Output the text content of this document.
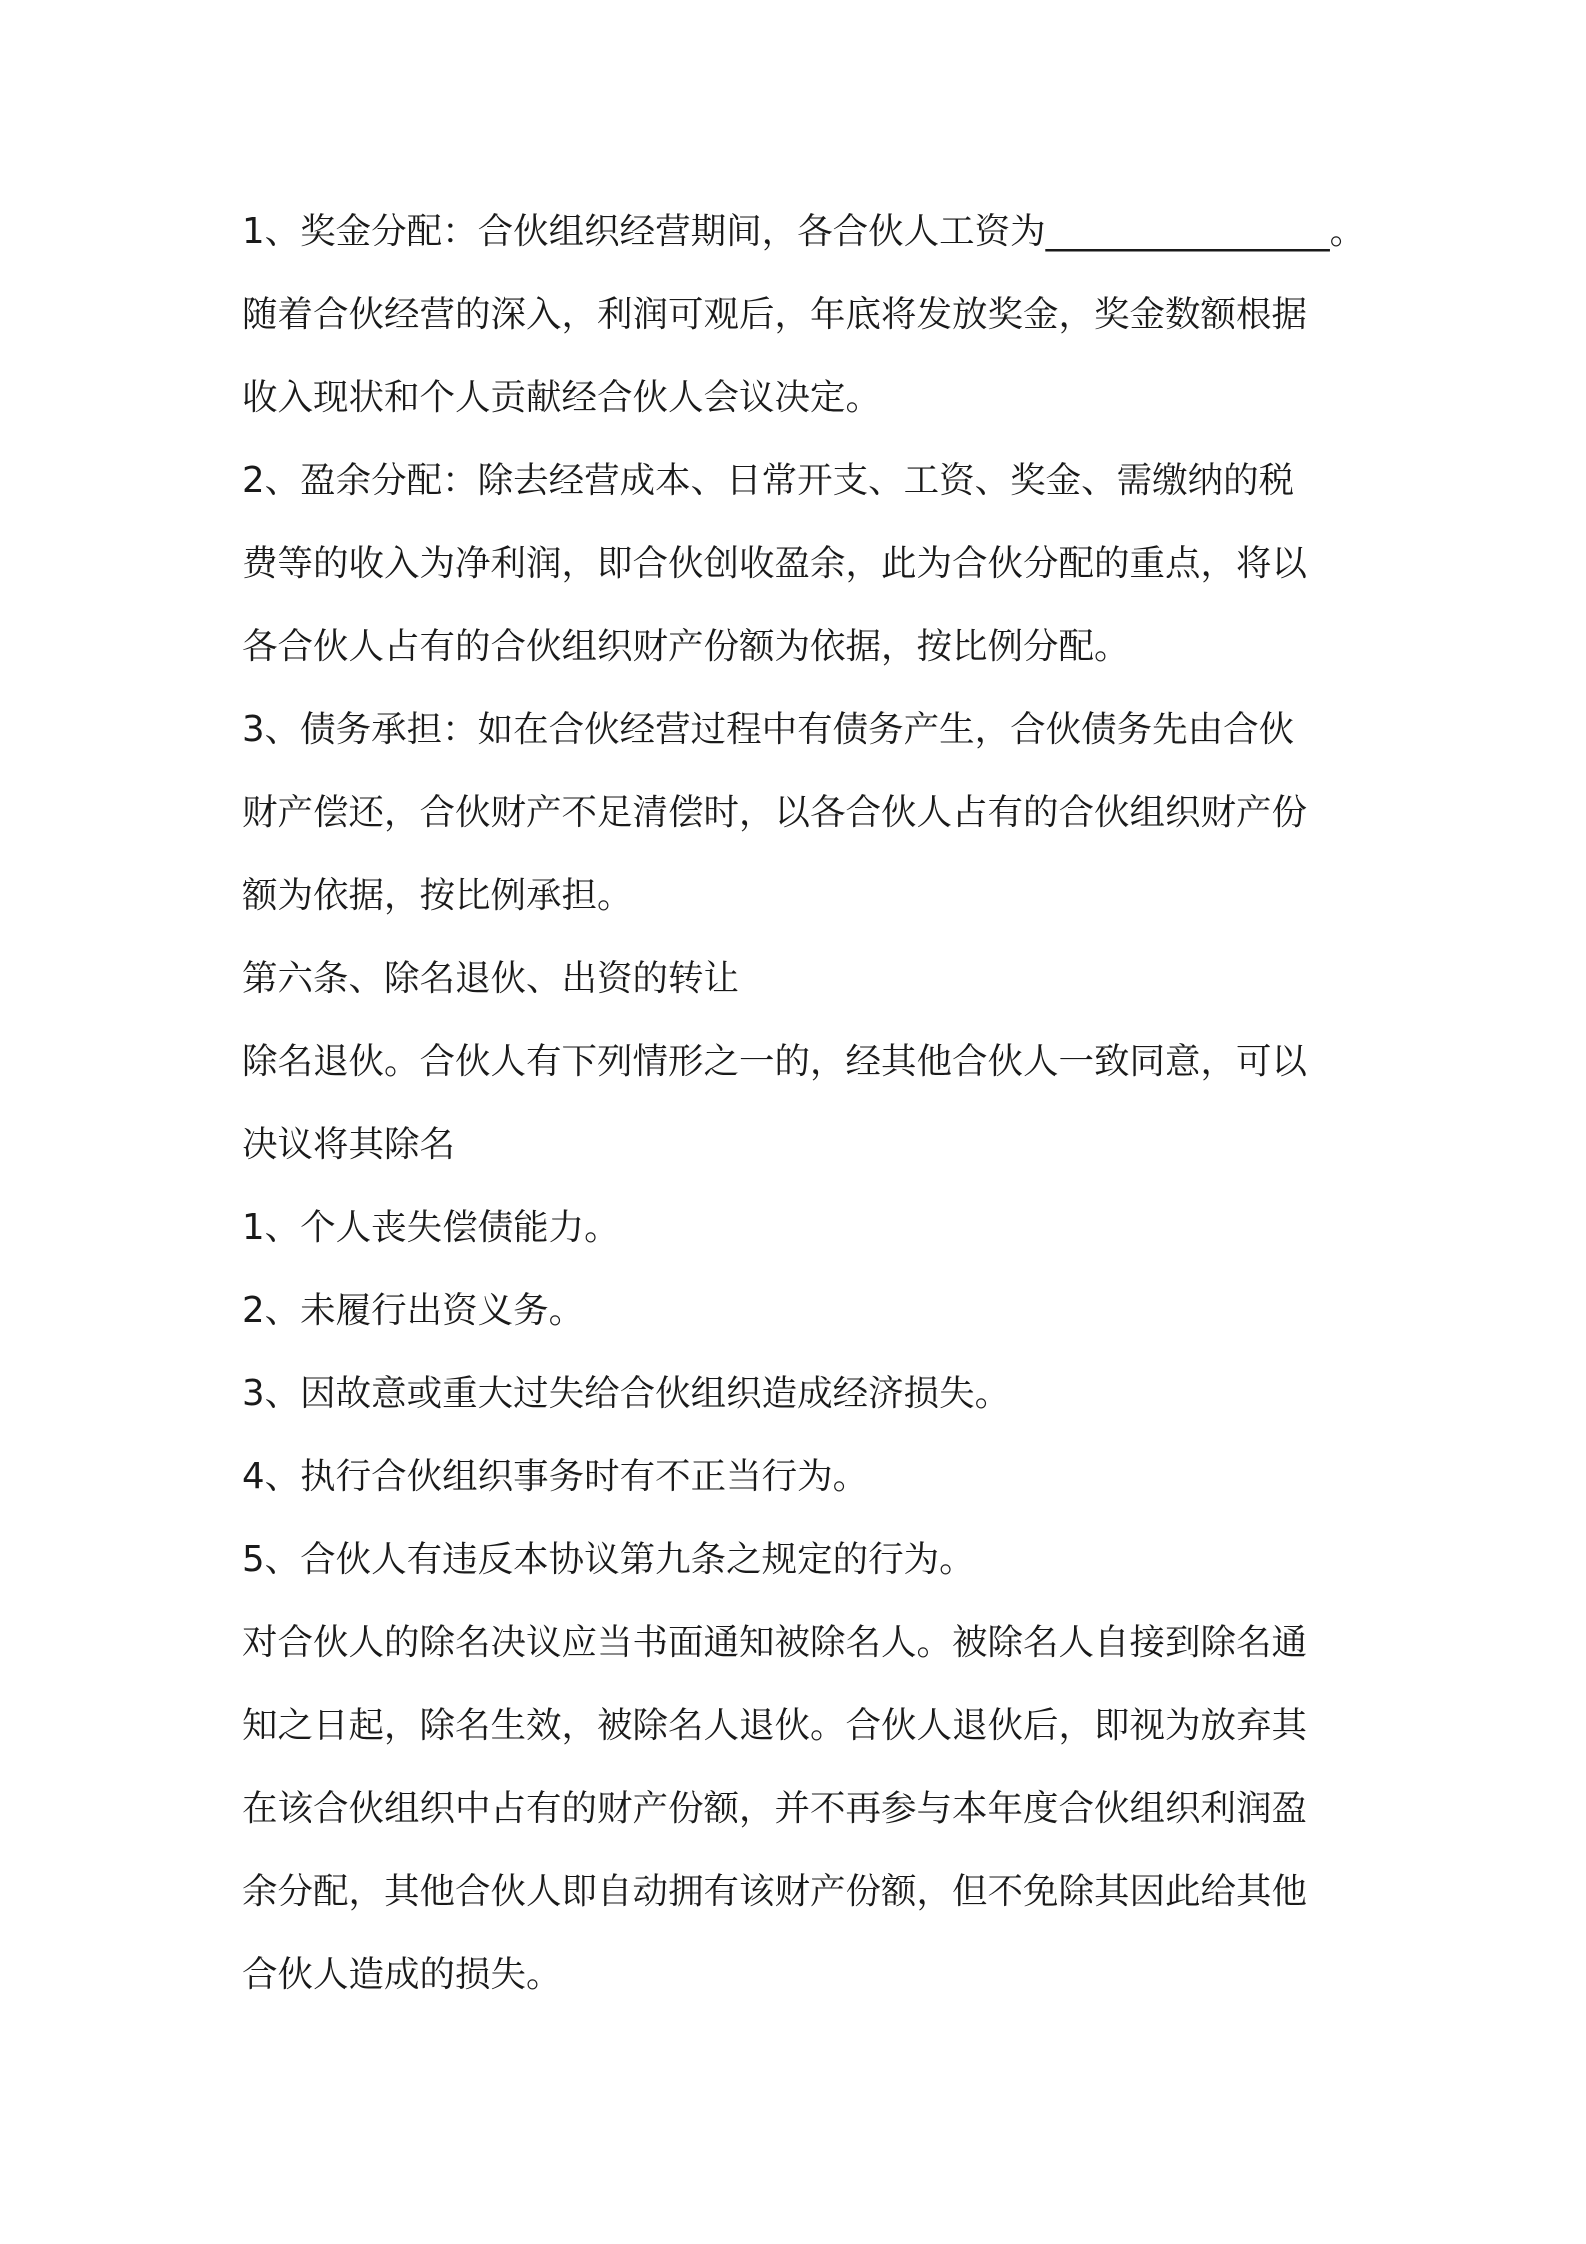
1、奖金分配：合伙组织经营期间，各合伙人工资为________________。
随着合伙经营的深入，利润可观后，年底将发放奖金，奖金数额根据
收入现状和个人贡献经合伙人会议决定。
2、盈余分配：除去经营成本、日常开支、工资、奖金、需缴纳的税
费等的收入为净利润，即合伙创收盈余，此为合伙分配的重点，将以
各合伙人占有的合伙组织财产份额为依据，按比例分配。
3、债务承担：如在合伙经营过程中有债务产生，合伙债务先由合伙
财产偿还，合伙财产不足清偿时，以各合伙人占有的合伙组织财产份
额为依据，按比例承担。
第六条、除名退伙、出资的转让
除名退伙。合伙人有下列情形之一的，经其他合伙人一致同意，可以
决议将其除名
1、个人丧失偿债能力。
2、未履行出资义务。
3、因故意或重大过失给合伙组织造成经济损失。
4、执行合伙组织事务时有不正当行为。
5、合伙人有违反本协议第九条之规定的行为。
对合伙人的除名决议应当书面通知被除名人。被除名人自接到除名通
知之日起，除名生效，被除名人退伙。合伙人退伙后，即视为放弃其
在该合伙组织中占有的财产份额，并不再参与本年度合伙组织利润盈
余分配，其他合伙人即自动拥有该财产份额，但不免除其因此给其他
合伙人造成的损失。
